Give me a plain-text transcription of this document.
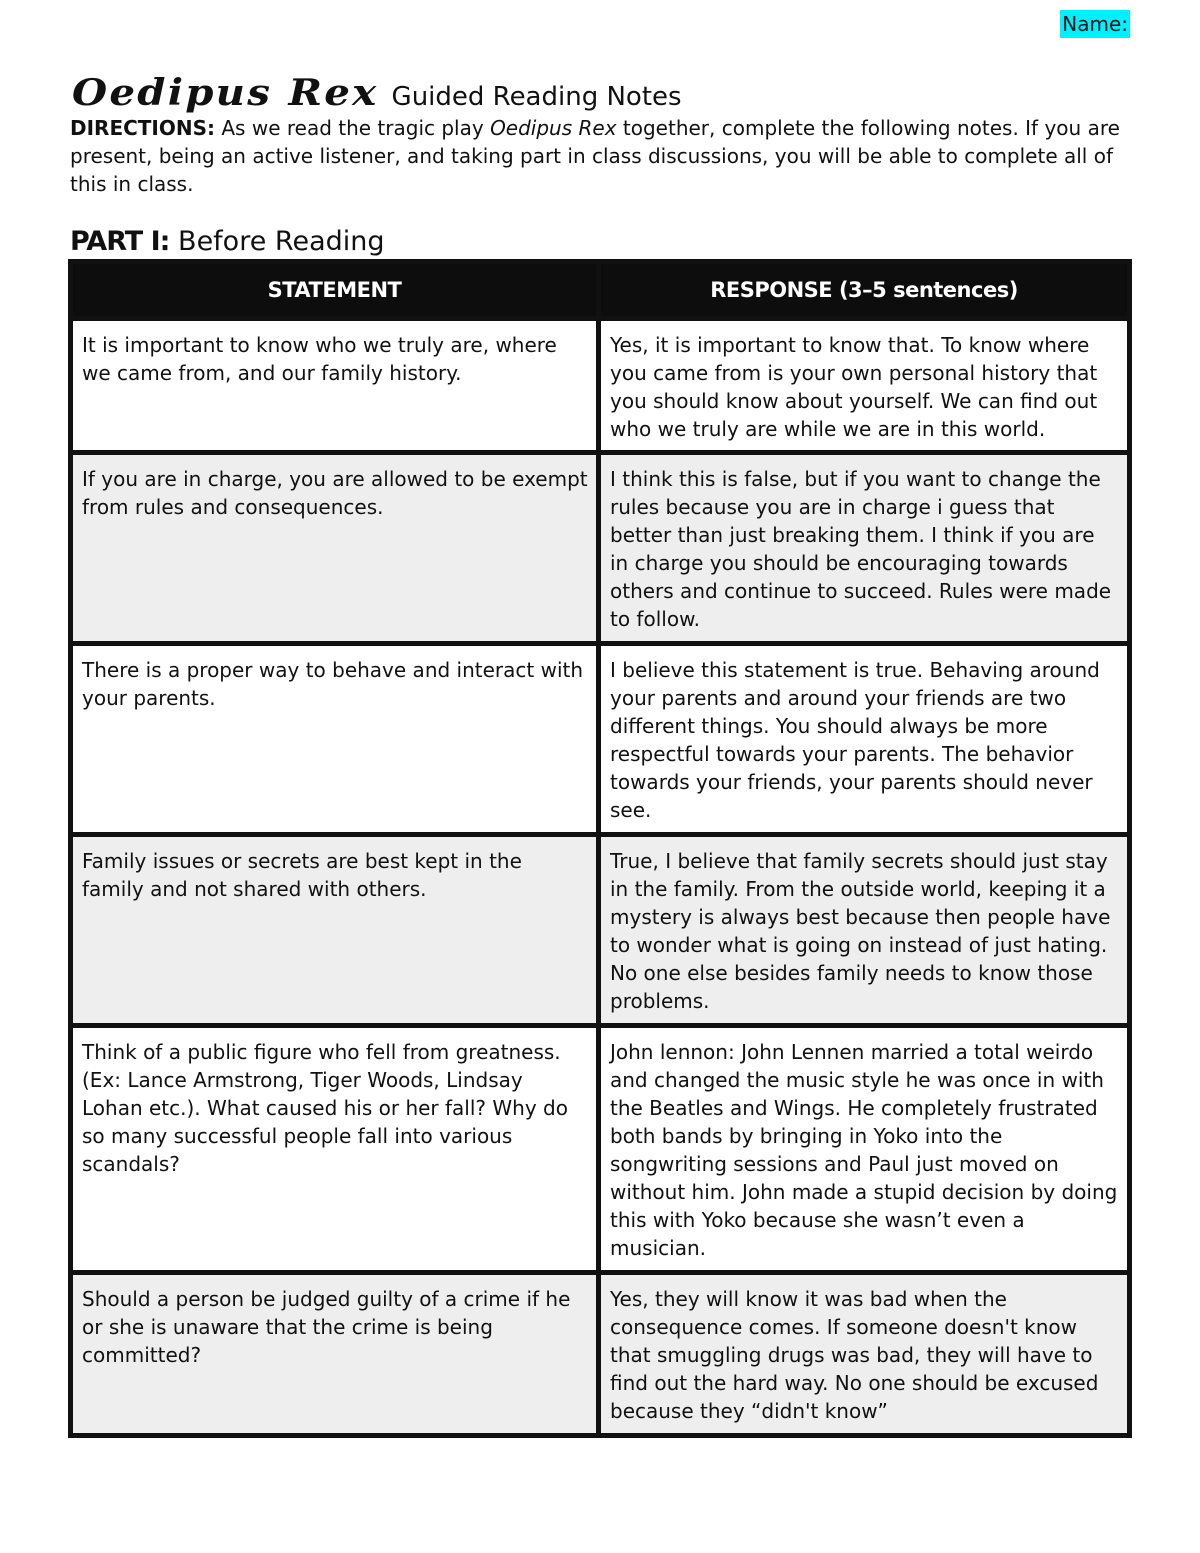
Name:
Oedipus Rex Guided Reading Notes
DIRECTIONS: As we read the tragic play Oedipus Rex together, complete the following notes. If you are present, being an active listener, and taking part in class discussions, you will be able to complete all of this in class.
PART I: Before Reading
STATEMENT	RESPONSE (3–5 sentences)
It is important to know who we truly are, where we came from, and our family history.	Yes, it is important to know that. To know where you came from is your own personal history that you should know about yourself. We can find out who we truly are while we are in this world.
If you are in charge, you are allowed to be exempt from rules and consequences.	I think this is false, but if you want to change the rules because you are in charge i guess that better than just breaking them. I think if you are in charge you should be encouraging towards others and continue to succeed. Rules were made to follow.
There is a proper way to behave and interact with your parents.	I believe this statement is true. Behaving around your parents and around your friends are two different things. You should always be more respectful towards your parents. The behavior towards your friends, your parents should never see.
Family issues or secrets are best kept in the family and not shared with others.	True, I believe that family secrets should just stay in the family. From the outside world, keeping it a mystery is always best because then people have to wonder what is going on instead of just hating. No one else besides family needs to know those problems.
Think of a public figure who fell from greatness. (Ex: Lance Armstrong, Tiger Woods, Lindsay Lohan etc.). What caused his or her fall? Why do so many successful people fall into various scandals?	John lennon: John Lennen married a total weirdo and changed the music style he was once in with the Beatles and Wings. He completely frustrated both bands by bringing in Yoko into the songwriting sessions and Paul just moved on without him. John made a stupid decision by doing this with Yoko because she wasn’t even a musician.
Should a person be judged guilty of a crime if he or she is unaware that the crime is being committed?	Yes, they will know it was bad when the consequence comes. If someone doesn't know that smuggling drugs was bad, they will have to find out the hard way. No one should be excused because they “didn't know”
